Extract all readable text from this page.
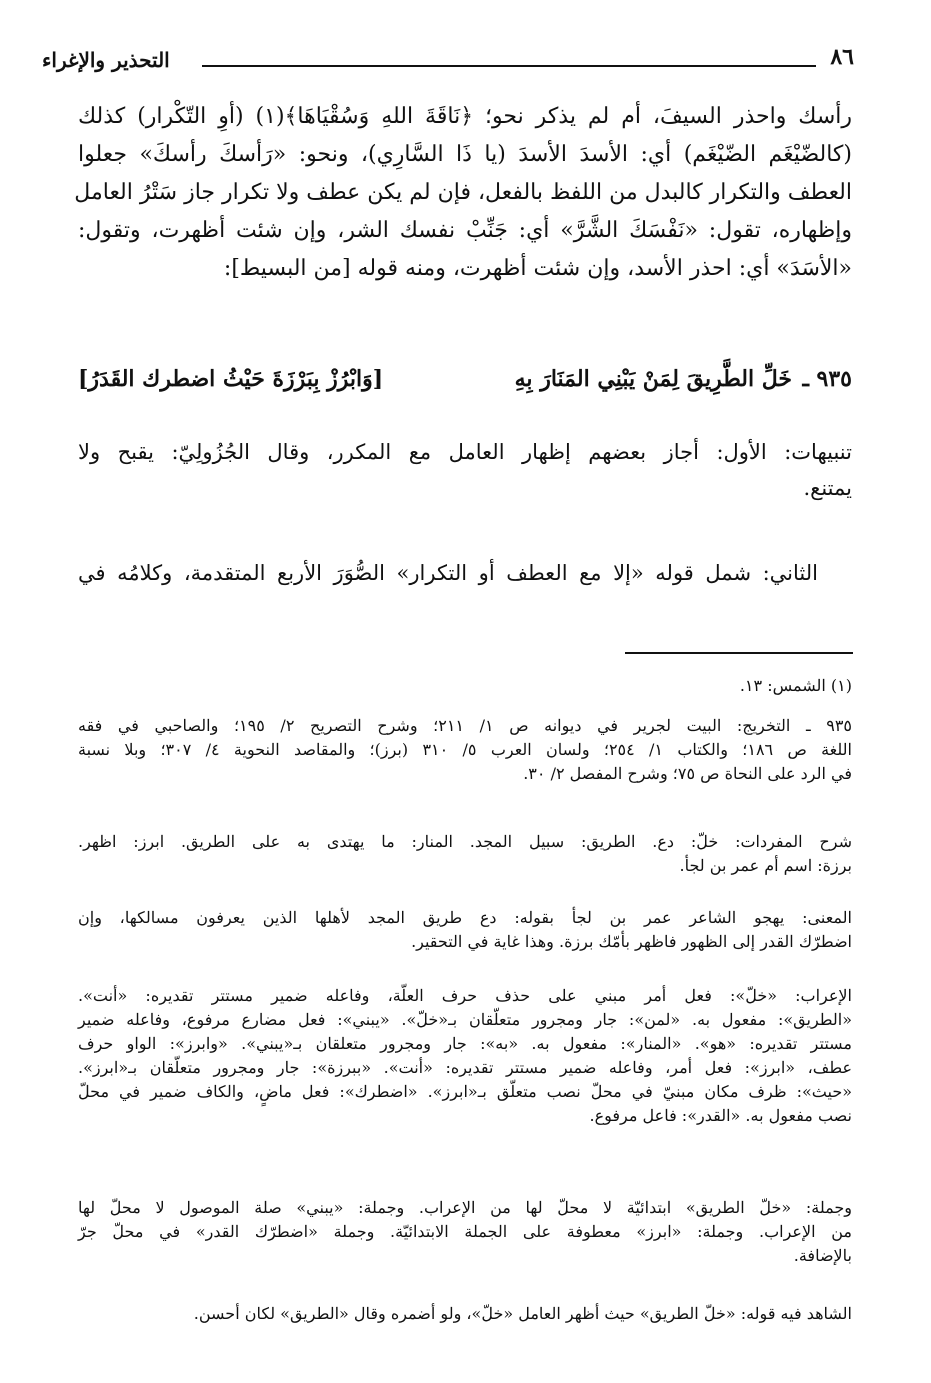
٨٦
التحذير والإغراء
رأسك واحذر السيفَ، أم لم يذكر نحو؛ ﴿نَاقَةَ اللهِ وَسُقْيَاهَا﴾(١) (أوِ التّكْرار) كذلك
(كالضّيْغَم الضّيْغَم) أي: الأسدَ الأسدَ (يا ذَا السَّارِي)، ونحو: «رَأسكَ رأسكَ» جعلوا
العطف والتكرار كالبدل من اللفظ بالفعل، فإن لم يكن عطف ولا تكرار جاز سَتْرُ العامل
وإظهاره، تقول: «نَفْسَكَ الشَّرَّ» أي: جَنِّبْ نفسك الشر، وإن شئت أظهرت، وتقول:
«الأسَدَ» أي: احذر الأسد، وإن شئت أظهرت، ومنه قوله [من البسيط]:
٩٣٥ ـ
خَلِّ الطَّرِيقَ لِمَنْ يَبْنِي المَنَارَ بِهِ
[وَابْرُزْ بِبَرْزَةَ حَيْثُ اضطرك القَدَرُ]
تنبيهات: الأول: أجاز بعضهم إظهار العامل مع المكرر، وقال الجُزُولِيّ: يقبح ولا
يمتنع.
الثاني: شمل قوله «إلا مع العطف أو التكرار» الصُّوَرَ الأربع المتقدمة، وكلامُه في
(١) الشمس: ١٣.
٩٣٥ ـ التخريج: البيت لجرير في ديوانه ص ١/ ٢١١؛ وشرح التصريح ٢/ ١٩٥؛ والصاحبي في فقه
اللغة ص ١٨٦؛ والكتاب ١/ ٢٥٤؛ ولسان العرب ٥/ ٣١٠ (برز)؛ والمقاصد النحوية ٤/ ٣٠٧؛ وبلا نسبة
في الرد على النحاة ص ٧٥؛ وشرح المفصل ٢/ ٣٠.
شرح المفردات: خلّ: دع. الطريق: سبيل المجد. المنار: ما يهتدى به على الطريق. ابرز: اظهر.
برزة: اسم أم عمر بن لجأ.
المعنى: يهجو الشاعر عمر بن لجأ بقوله: دع طريق المجد لأهلها الذين يعرفون مسالكها، وإن
اضطرّك القدر إلى الظهور فاظهر بأمّك برزة. وهذا غاية في التحقير.
الإعراب: «خلّ»: فعل أمر مبني على حذف حرف العلّة، وفاعله ضمير مستتر تقديره: «أنت».
«الطريق»: مفعول به. «لمن»: جار ومجرور متعلّقان بـ«خلّ». «يبني»: فعل مضارع مرفوع، وفاعله ضمير
مستتر تقديره: «هو». «المنار»: مفعول به. «به»: جار ومجرور متعلقان بـ«يبني». «وابرز»: الواو حرف
عطف، «ابرز»: فعل أمر، وفاعله ضمير مستتر تقديره: «أنت». «ببرزة»: جار ومجرور متعلّقان بـ«ابرز».
«حيث»: ظرف مكان مبنيّ في محلّ نصب متعلّق بـ«ابرز». «اضطرك»: فعل ماضٍ، والكاف ضمير في محلّ
نصب مفعول به. «القدر»: فاعل مرفوع.
وجملة: «خلّ الطريق» ابتدائيّة لا محلّ لها من الإعراب. وجملة: «يبني» صلة الموصول لا محلّ لها
من الإعراب. وجملة: «ابرز» معطوفة على الجملة الابتدائيّة. وجملة «اضطرّك القدر» في محلّ جرّ
بالإضافة.
الشاهد فيه قوله: «خلّ الطريق» حيث أظهر العامل «خلّ»، ولو أضمره وقال «الطريق» لكان أحسن.
